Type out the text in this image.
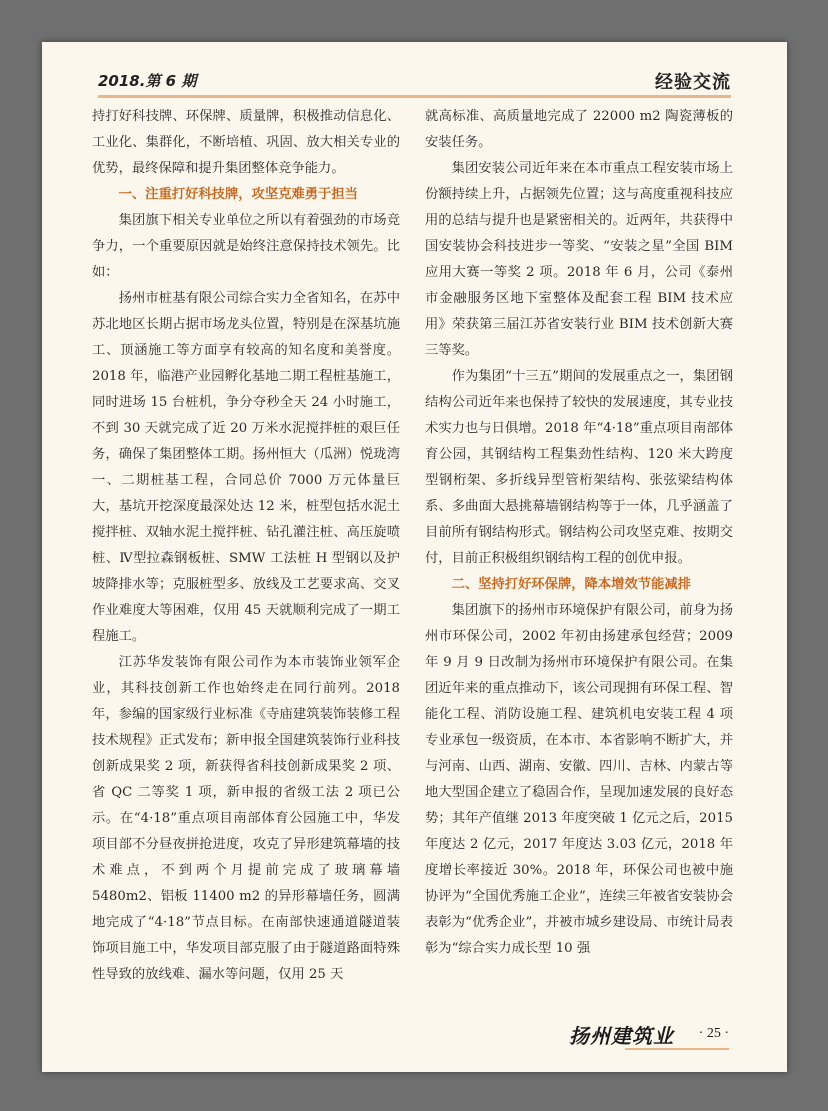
2018.第 6 期	经验交流

持打好科技牌、环保牌、质量牌，积极推动信息化、工业化、集群化，不断培植、巩固、放大相关专业的优势，最终保障和提升集团整体竞争能力。

一、注重打好科技牌，攻坚克难勇于担当

集团旗下相关专业单位之所以有着强劲的市场竞争力，一个重要原因就是始终注意保持技术领先。比如：

扬州市桩基有限公司综合实力全省知名，在苏中苏北地区长期占据市场龙头位置，特别是在深基坑施工、顶涵施工等方面享有较高的知名度和美誉度。2018 年，临港产业园孵化基地二期工程桩基施工，同时进场 15 台桩机，争分夺秒全天 24 小时施工，不到 30 天就完成了近 20 万米水泥搅拌桩的艰巨任务，确保了集团整体工期。扬州恒大（瓜洲）悦珑湾一、二期桩基工程，合同总价 7000 万元体量巨大，基坑开挖深度最深处达 12 米，桩型包括水泥土搅拌桩、双轴水泥土搅拌桩、钻孔灌注桩、高压旋喷桩、Ⅳ型拉森钢板桩、SMW 工法桩 H 型钢以及护坡降排水等；克服桩型多、放线及工艺要求高、交叉作业难度大等困难，仅用 45 天就顺利完成了一期工程施工。

江苏华发装饰有限公司作为本市装饰业领军企业，其科技创新工作也始终走在同行前列。2018 年，参编的国家级行业标准《寺庙建筑装饰装修工程技术规程》正式发布；新申报全国建筑装饰行业科技创新成果奖 2 项，新获得省科技创新成果奖 2 项、省 QC 二等奖 1 项，新申报的省级工法 2 项已公示。在“4·18”重点项目南部体育公园施工中，华发项目部不分昼夜拼抢进度，攻克了异形建筑幕墙的技术难点，不到两个月提前完成了玻璃幕墙 5480m2、铝板 11400 m2 的异形幕墙任务，圆满地完成了“4·18”节点目标。在南部快速通道隧道装饰项目施工中，华发项目部克服了由于隧道路面特殊性导致的放线难、漏水等问题，仅用 25 天

就高标准、高质量地完成了 22000 m2 陶瓷薄板的安装任务。

集团安装公司近年来在本市重点工程安装市场上份额持续上升，占据领先位置；这与高度重视科技应用的总结与提升也是紧密相关的。近两年，共获得中国安装协会科技进步一等奖、“安装之星”全国 BIM 应用大赛一等奖 2 项。2018 年 6 月，公司《泰州市金融服务区地下室整体及配套工程 BIM 技术应用》荣获第三届江苏省安装行业 BIM 技术创新大赛三等奖。

作为集团“十三五”期间的发展重点之一，集团钢结构公司近年来也保持了较快的发展速度，其专业技术实力也与日俱增。2018 年“4·18”重点项目南部体育公园，其钢结构工程集劲性结构、120 米大跨度型钢桁架、多折线异型管桁架结构、张弦梁结构体系、多曲面大悬挑幕墙钢结构等于一体，几乎涵盖了目前所有钢结构形式。钢结构公司攻坚克难、按期交付，目前正积极组织钢结构工程的创优申报。

二、坚持打好环保牌，降本增效节能减排

集团旗下的扬州市环境保护有限公司，前身为扬州市环保公司，2002 年初由扬建承包经营；2009 年 9 月 9 日改制为扬州市环境保护有限公司。在集团近年来的重点推动下，该公司现拥有环保工程、智能化工程、消防设施工程、建筑机电安装工程 4 项专业承包一级资质，在本市、本省影响不断扩大，并与河南、山西、湖南、安徽、四川、吉林、内蒙古等地大型国企建立了稳固合作，呈现加速发展的良好态势；其年产值继 2013 年度突破 1 亿元之后，2015 年度达 2 亿元，2017 年度达 3.03 亿元，2018 年度增长率接近 30%。2018 年，环保公司也被中施协评为“全国优秀施工企业”，连续三年被省安装协会表彰为“优秀企业”，并被市城乡建设局、市统计局表彰为“综合实力成长型 10 强

扬州建筑业 · 25 ·
